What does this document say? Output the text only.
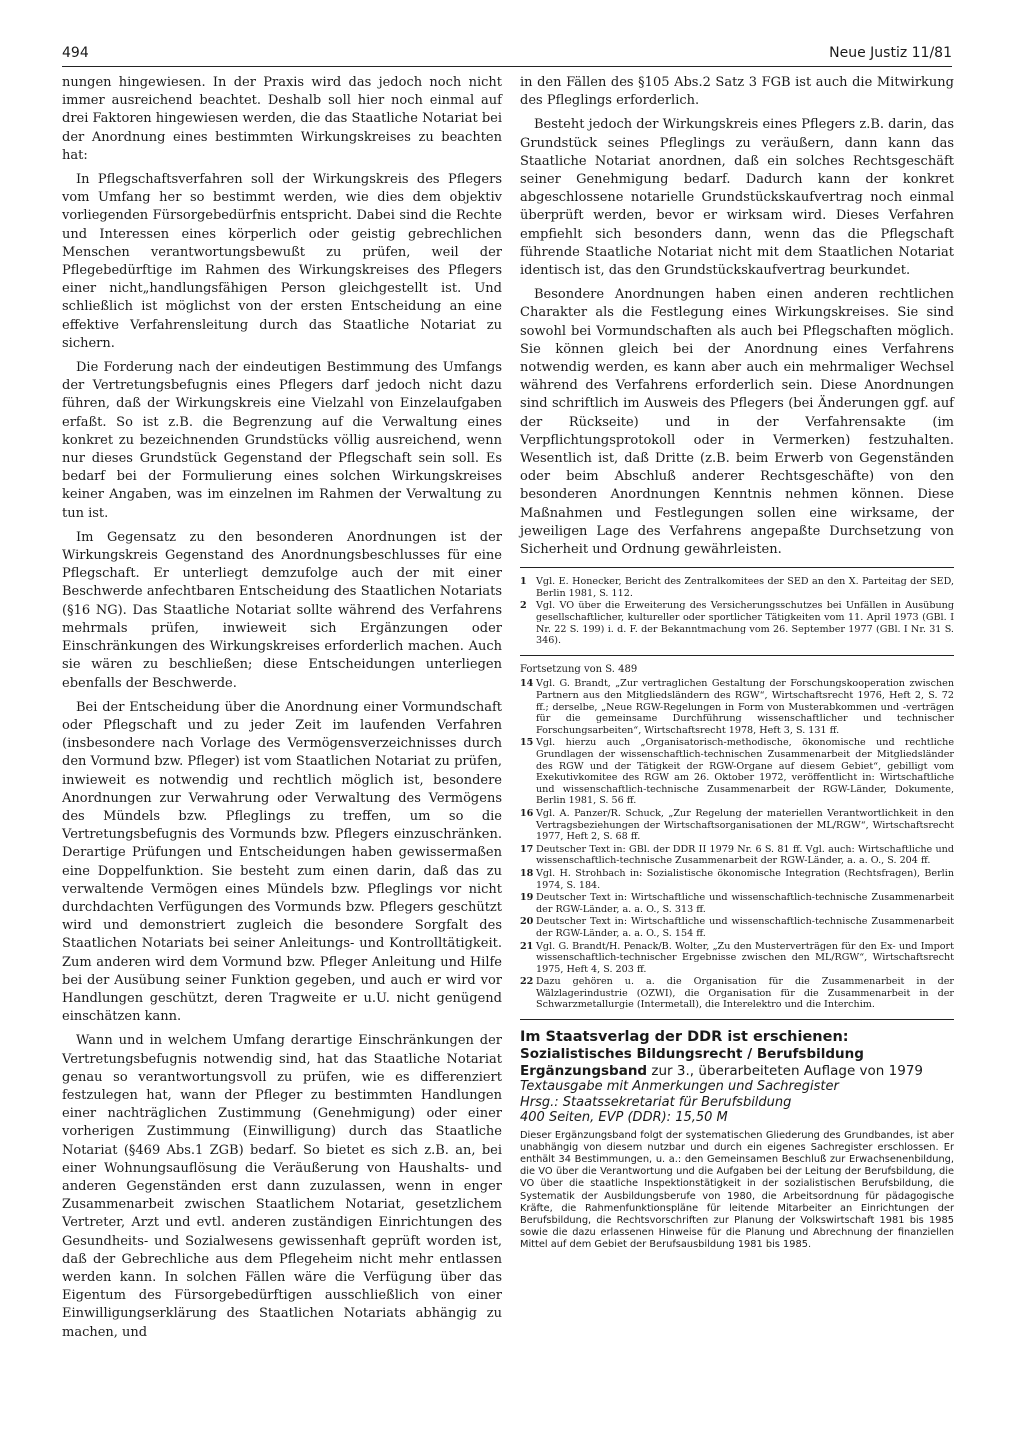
494	Neue Justiz 11/81

nungen hingewiesen. In der Praxis wird das jedoch noch nicht immer ausreichend beachtet. Deshalb soll hier noch einmal auf drei Faktoren hingewiesen werden, die das Staatliche Notariat bei der Anordnung eines bestimmten Wirkungskreises zu beachten hat:

In Pflegschaftsverfahren soll der Wirkungskreis des Pflegers vom Umfang her so bestimmt werden, wie dies dem objektiv vorliegenden Fürsorgebedürfnis entspricht. Dabei sind die Rechte und Interessen eines körperlich oder geistig gebrechlichen Menschen verantwortungsbewußt zu prüfen, weil der Pflegebedürftige im Rahmen des Wirkungskreises des Pflegers einer nicht„handlungsfähigen Person gleichgestellt ist. Und schließlich ist möglichst von der ersten Entscheidung an eine effektive Verfahrensleitung durch das Staatliche Notariat zu sichern.

Die Forderung nach der eindeutigen Bestimmung des Umfangs der Vertretungsbefugnis eines Pflegers darf jedoch nicht dazu führen, daß der Wirkungskreis eine Vielzahl von Einzelaufgaben erfaßt. So ist z.B. die Begrenzung auf die Verwaltung eines konkret zu bezeichnenden Grundstücks völlig ausreichend, wenn nur dieses Grundstück Gegenstand der Pflegschaft sein soll. Es bedarf bei der Formulierung eines solchen Wirkungskreises keiner Angaben, was im einzelnen im Rahmen der Verwaltung zu tun ist.

Im Gegensatz zu den besonderen Anordnungen ist der Wirkungskreis Gegenstand des Anordnungsbeschlusses für eine Pflegschaft. Er unterliegt demzufolge auch der mit einer Beschwerde anfechtbaren Entscheidung des Staatlichen Notariats (§16 NG). Das Staatliche Notariat sollte während des Verfahrens mehrmals prüfen, inwieweit sich Ergänzungen oder Einschränkungen des Wirkungskreises erforderlich machen. Auch sie wären zu beschließen; diese Entscheidungen unterliegen ebenfalls der Beschwerde.

Bei der Entscheidung über die Anordnung einer Vormundschaft oder Pflegschaft und zu jeder Zeit im laufenden Verfahren (insbesondere nach Vorlage des Vermögensverzeichnisses durch den Vormund bzw. Pfleger) ist vom Staatlichen Notariat zu prüfen, inwieweit es notwendig und rechtlich möglich ist, besondere Anordnungen zur Verwahrung oder Verwaltung des Vermögens des Mündels bzw. Pfleglings zu treffen, um so die Vertretungsbefugnis des Vormunds bzw. Pflegers einzuschränken. Derartige Prüfungen und Entscheidungen haben gewissermaßen eine Doppelfunktion. Sie besteht zum einen darin, daß das zu verwaltende Vermögen eines Mündels bzw. Pfleglings vor nicht durchdachten Verfügungen des Vormunds bzw. Pflegers geschützt wird und demonstriert zugleich die besondere Sorgfalt des Staatlichen Notariats bei seiner Anleitungs- und Kontrolltätigkeit. Zum anderen wird dem Vormund bzw. Pfleger Anleitung und Hilfe bei der Ausübung seiner Funktion gegeben, und auch er wird vor Handlungen geschützt, deren Tragweite er u.U. nicht genügend einschätzen kann.

Wann und in welchem Umfang derartige Einschränkungen der Vertretungsbefugnis notwendig sind, hat das Staatliche Notariat genau so verantwortungsvoll zu prüfen, wie es differenziert festzulegen hat, wann der Pfleger zu bestimmten Handlungen einer nachträglichen Zustimmung (Genehmigung) oder einer vorherigen Zustimmung (Einwilligung) durch das Staatliche Notariat (§469 Abs.1 ZGB) bedarf. So bietet es sich z.B. an, bei einer Wohnungsauflösung die Veräußerung von Haushalts- und anderen Gegenständen erst dann zuzulassen, wenn in enger Zusammenarbeit zwischen Staatlichem Notariat, gesetzlichem Vertreter, Arzt und evtl. anderen zuständigen Einrichtungen des Gesundheits- und Sozialwesens gewissenhaft geprüft worden ist, daß der Gebrechliche aus dem Pflegeheim nicht mehr entlassen werden kann. In solchen Fällen wäre die Verfügung über das Eigentum des Fürsorgebedürftigen ausschließlich von einer Einwilligungserklärung des Staatlichen Notariats abhängig zu machen, und

in den Fällen des §105 Abs.2 Satz 3 FGB ist auch die Mitwirkung des Pfleglings erforderlich.

Besteht jedoch der Wirkungskreis eines Pflegers z.B. darin, das Grundstück seines Pfleglings zu veräußern, dann kann das Staatliche Notariat anordnen, daß ein solches Rechtsgeschäft seiner Genehmigung bedarf. Dadurch kann der konkret abgeschlossene notarielle Grundstückskaufvertrag noch einmal überprüft werden, bevor er wirksam wird. Dieses Verfahren empfiehlt sich besonders dann, wenn das die Pflegschaft führende Staatliche Notariat nicht mit dem Staatlichen Notariat identisch ist, das den Grundstückskaufvertrag beurkundet.

Besondere Anordnungen haben einen anderen rechtlichen Charakter als die Festlegung eines Wirkungskreises. Sie sind sowohl bei Vormundschaften als auch bei Pflegschaften möglich. Sie können gleich bei der Anordnung eines Verfahrens notwendig werden, es kann aber auch ein mehrmaliger Wechsel während des Verfahrens erforderlich sein. Diese Anordnungen sind schriftlich im Ausweis des Pflegers (bei Änderungen ggf. auf der Rückseite) und in der Verfahrensakte (im Verpflichtungsprotokoll oder in Vermerken) festzuhalten. Wesentlich ist, daß Dritte (z.B. beim Erwerb von Gegenständen oder beim Abschluß anderer Rechtsgeschäfte) von den besonderen Anordnungen Kenntnis nehmen können. Diese Maßnahmen und Festlegungen sollen eine wirksame, der jeweiligen Lage des Verfahrens angepaßte Durchsetzung von Sicherheit und Ordnung gewährleisten.

1 Vgl. E. Honecker, Bericht des Zentralkomitees der SED an den X. Parteitag der SED, Berlin 1981, S. 112.
2 Vgl. VO über die Erweiterung des Versicherungsschutzes bei Unfällen in Ausübung gesellschaftlicher, kultureller oder sportlicher Tätigkeiten vom 11. April 1973 (GBl. I Nr. 22 S. 199) i. d. F. der Bekanntmachung vom 26. September 1977 (GBl. I Nr. 31 S. 346).
Fortsetzung von S. 489
14 Vgl. G. Brandt, „Zur vertraglichen Gestaltung der Forschungskooperation zwischen Partnern aus den Mitgliedsländern des RGW“, Wirtschaftsrecht 1976, Heft 2, S. 72 ff.; derselbe, „Neue RGW-Regelungen in Form von Musterabkommen und -verträgen für die gemeinsame Durchführung wissenschaftlicher und technischer Forschungsarbeiten“, Wirtschaftsrecht 1978, Heft 3, S. 131 ff.
15 Vgl. hierzu auch „Organisatorisch-methodische, ökonomische und rechtliche Grundlagen der wissenschaftlich-technischen Zusammenarbeit der Mitgliedsländer des RGW und der Tätigkeit der RGW-Organe auf diesem Gebiet“, gebilligt vom Exekutivkomitee des RGW am 26. Oktober 1972, veröffentlicht in: Wirtschaftliche und wissenschaftlich-technische Zusammenarbeit der RGW-Länder, Dokumente, Berlin 1981, S. 56 ff.
16 Vgl. A. Panzer/R. Schuck, „Zur Regelung der materiellen Verantwortlichkeit in den Vertragsbeziehungen der Wirtschaftsorganisationen der ML/RGW“, Wirtschaftsrecht 1977, Heft 2, S. 68 ff.
17 Deutscher Text in: GBl. der DDR II 1979 Nr. 6 S. 81 ff. Vgl. auch: Wirtschaftliche und wissenschaftlich-technische Zusammenarbeit der RGW-Länder, a. a. O., S. 204 ff.
18 Vgl. H. Strohbach in: Sozialistische ökonomische Integration (Rechtsfragen), Berlin 1974, S. 184.
19 Deutscher Text in: Wirtschaftliche und wissenschaftlich-technische Zusammenarbeit der RGW-Länder, a. a. O., S. 313 ff.
20 Deutscher Text in: Wirtschaftliche und wissenschaftlich-technische Zusammenarbeit der RGW-Länder, a. a. O., S. 154 ff.
21 Vgl. G. Brandt/H. Penack/B. Wolter, „Zu den Musterverträgen für den Ex- und Import wissenschaftlich-technischer Ergebnisse zwischen den ML/RGW“, Wirtschaftsrecht 1975, Heft 4, S. 203 ff.
22 Dazu gehören u. a. die Organisation für die Zusammenarbeit in der Wälzlagerindustrie (OZWI), die Organisation für die Zusammenarbeit in der Schwarzmetallurgie (Intermetall), die Interelektro und die Interchim.
Im Staatsverlag der DDR ist erschienen:
Sozialistisches Bildungsrecht / Berufsbildung
Ergänzungsband zur 3., überarbeiteten Auflage von 1979
Textausgabe mit Anmerkungen und Sachregister
Hrsg.: Staatssekretariat für Berufsbildung
400 Seiten, EVP (DDR): 15,50 M
Dieser Ergänzungsband folgt der systematischen Gliederung des Grundbandes, ist aber unabhängig von diesem nutzbar und durch ein eigenes Sachregister erschlossen. Er enthält 34 Bestimmungen, u. a.: den Gemeinsamen Beschluß zur Erwachsenenbildung, die VO über die Verantwortung und die Aufgaben bei der Leitung der Berufsbildung, die VO über die staatliche Inspektionstätigkeit in der sozialistischen Berufsbildung, die Systematik der Ausbildungsberufe von 1980, die Arbeitsordnung für pädagogische Kräfte, die Rahmenfunktionspläne für leitende Mitarbeiter an Einrichtungen der Berufsbildung, die Rechtsvorschriften zur Planung der Volkswirtschaft 1981 bis 1985 sowie die dazu erlassenen Hinweise für die Planung und Abrechnung der finanziellen Mittel auf dem Gebiet der Berufsausbildung 1981 bis 1985.
